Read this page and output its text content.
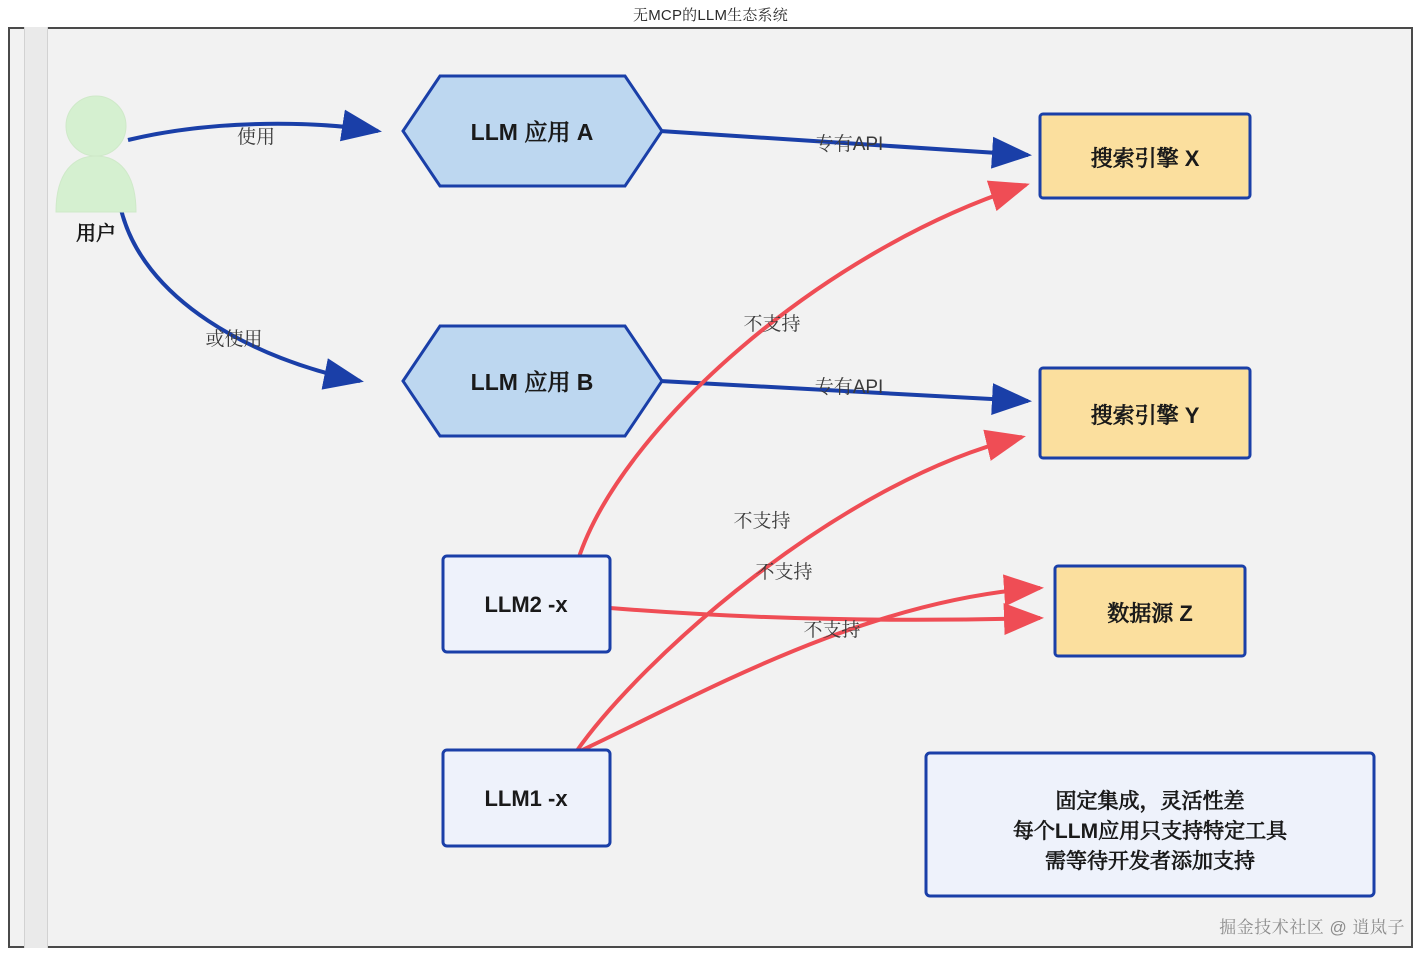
无MCP的LLM生态系统
用户
LLM 应用 A
LLM 应用 B
LLM2 -x
LLM1 -x
搜索引擎 X
搜索引擎 Y
数据源 Z
固定集成，灵活性差
每个LLM应用只支持特定工具
需等待开发者添加支持
使用
或使用
专有API
专有API
不支持
不支持
不支持
不支持
掘金技术社区 @ 逍岚子
